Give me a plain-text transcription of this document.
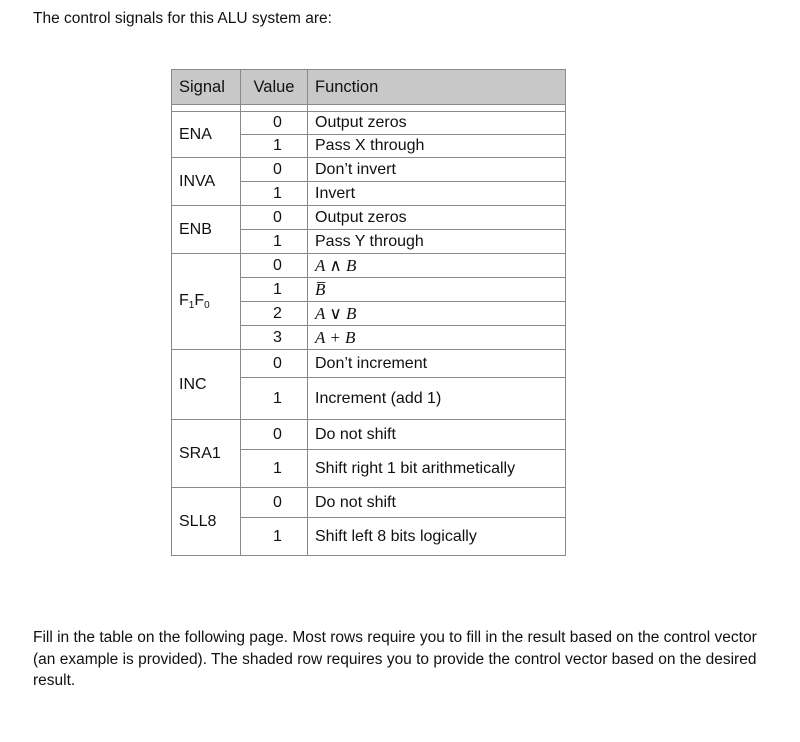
The control signals for this ALU system are:
Signal	Value	Function

ENA	0	Output zeros
	1	Pass X through
INVA	0	Don’t invert
	1	Invert
ENB	0	Output zeros
	1	Pass Y through
$F_1F_0$	0	A ∧ B
	1	B̅
	2	A ∨ B
	3	A + B
INC	0	Don’t increment
	1	Increment (add 1)
SRA1	0	Do not shift
	1	Shift right 1 bit arithmetically
SLL8	0	Do not shift
	1	Shift left 8 bits logically
Fill in the table on the following page. Most rows require you to fill in the result based on the control vector (an example is provided). The shaded row requires you to provide the control vector based on the desired result.
